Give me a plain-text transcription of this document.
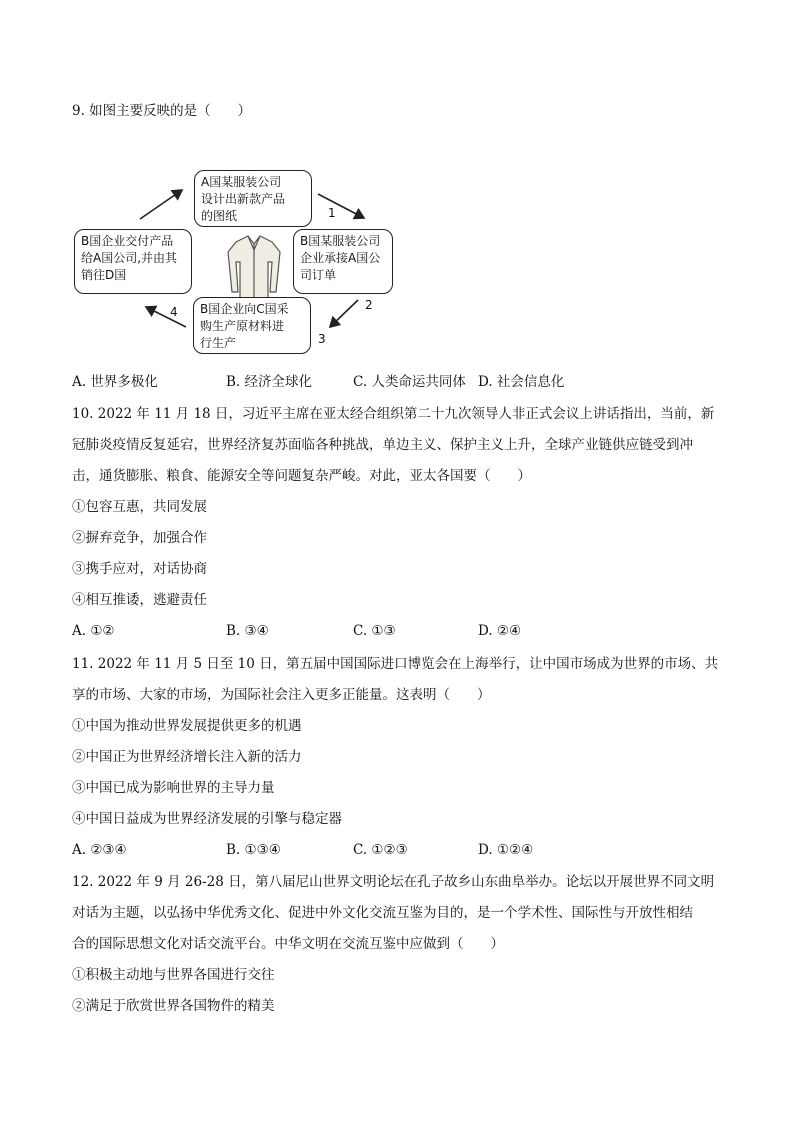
9. 如图主要反映的是（　　）
A国某服装公司
设计出新款产品
的图纸
B国某服装公司
企业承接A国公
司订单
B国企业向C国采
购生产原材料进
行生产
B国企业交付产品
给A国公司,并由其
销往D国
1
2
3
4
A. 世界多极化	B. 经济全球化	C. 人类命运共同体 D. 社会信息化
10. 2022 年 11 月 18 日，习近平主席在亚太经合组织第二十九次领导人非正式会议上讲话指出，当前，新
冠肺炎疫情反复延宕，世界经济复苏面临各种挑战，单边主义、保护主义上升，全球产业链供应链受到冲
击，通货膨胀、粮食、能源安全等问题复杂严峻。对此，亚太各国要（　　）
①包容互惠，共同发展
②摒弃竞争，加强合作
③携手应对，对话协商
④相互推诿，逃避责任
A. ①②	B. ③④	C. ①③	D. ②④
11. 2022 年 11 月 5 日至 10 日，第五届中国国际进口博览会在上海举行，让中国市场成为世界的市场、共
享的市场、大家的市场，为国际社会注入更多正能量。这表明（　　）
①中国为推动世界发展提供更多的机遇
②中国正为世界经济增长注入新的活力
③中国已成为影响世界的主导力量
④中国日益成为世界经济发展的引擎与稳定器
A. ②③④	B. ①③④	C. ①②③	D. ①②④
12. 2022 年 9 月 26-28 日，第八届尼山世界文明论坛在孔子故乡山东曲阜举办。论坛以开展世界不同文明
对话为主题，以弘扬中华优秀文化、促进中外文化交流互鉴为目的，是一个学术性、国际性与开放性相结
合的国际思想文化对话交流平台。中华文明在交流互鉴中应做到（　　）
①积极主动地与世界各国进行交往
②满足于欣赏世界各国物件的精美
